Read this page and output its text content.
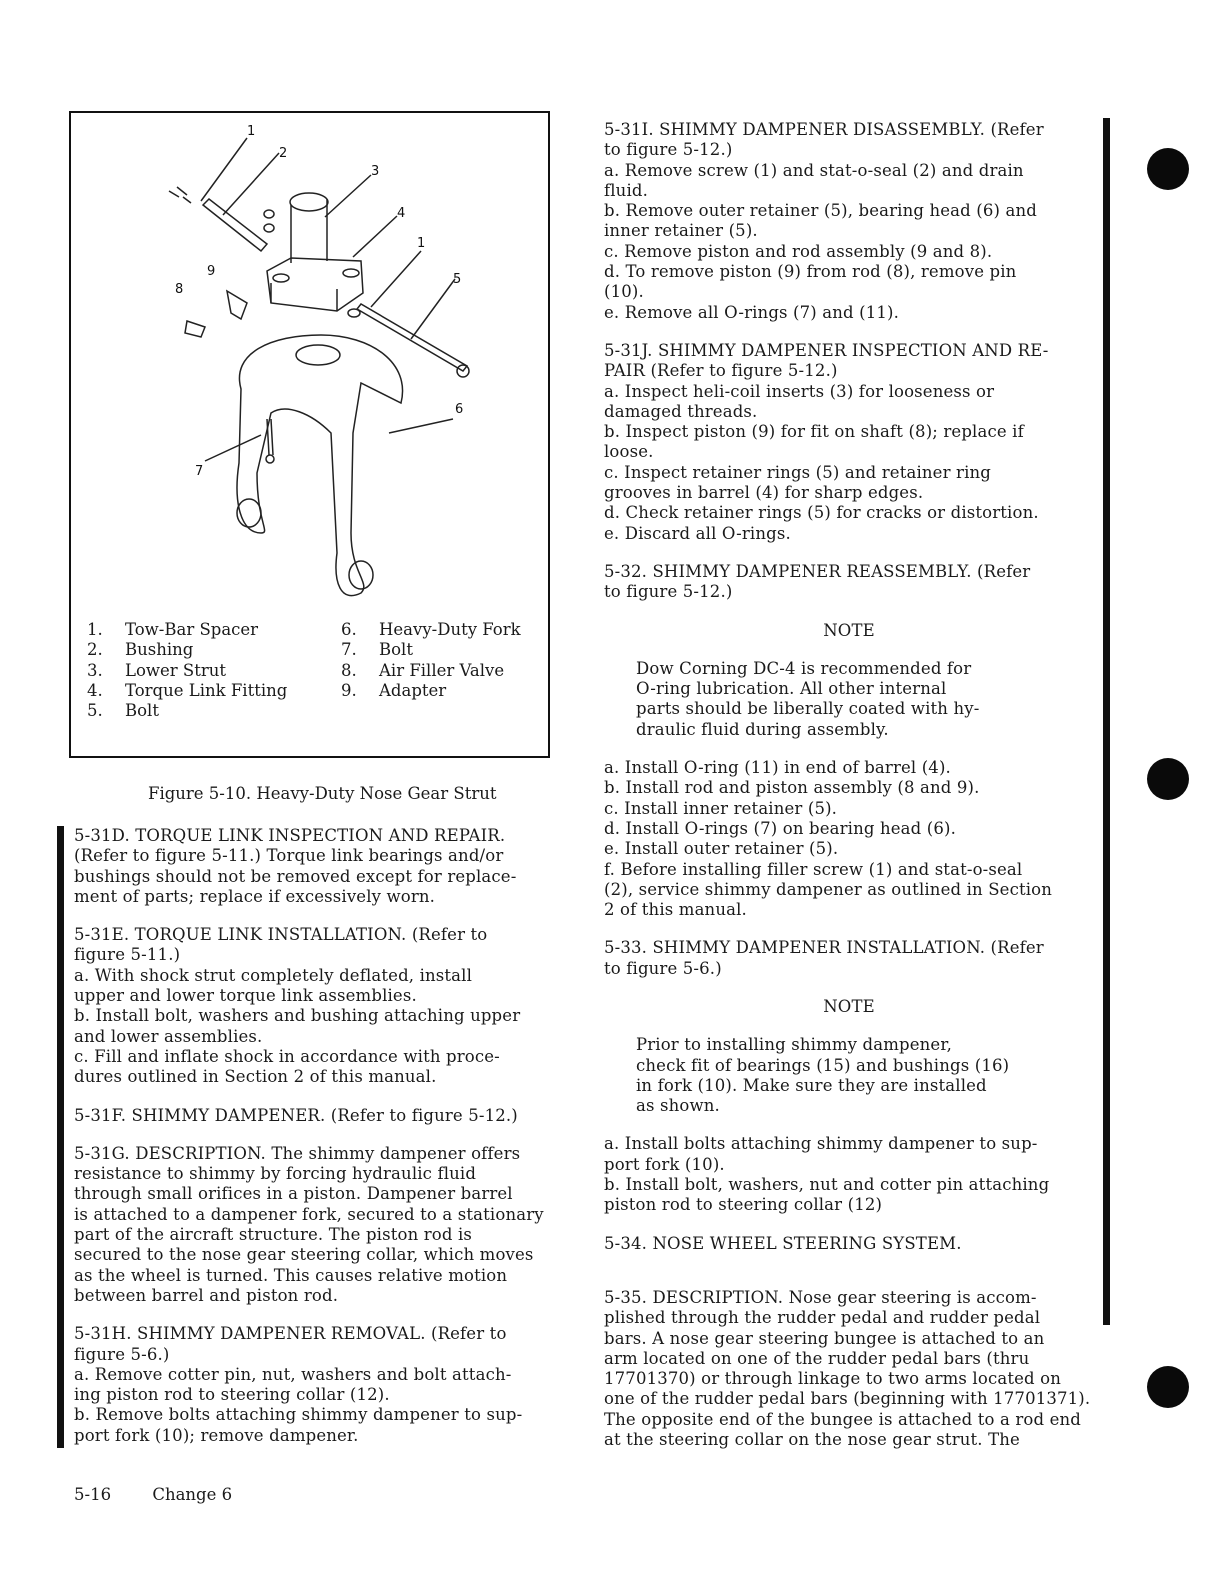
1
2
3
4
1
5
6
7
8
9
1.	Tow-Bar Spacer
2.	Bushing
3.	Lower Strut
4.	Torque Link Fitting
5.	Bolt
6.	Heavy-Duty Fork
7.	Bolt
8.	Air Filler Valve
9.	Adapter
Figure 5-10. Heavy-Duty Nose Gear Strut

5-31D. TORQUE LINK INSPECTION AND REPAIR.

(Refer to figure 5-11.) Torque link bearings and/or

bushings should not be removed except for replace-

ment of parts; replace if excessively worn.

5-31E. TORQUE LINK INSTALLATION. (Refer to

figure 5-11.)

a. With shock strut completely deflated, install

upper and lower torque link assemblies.

b. Install bolt, washers and bushing attaching upper

and lower assemblies.

c. Fill and inflate shock in accordance with proce-

dures outlined in Section 2 of this manual.

5-31F. SHIMMY DAMPENER. (Refer to figure 5-12.)

5-31G. DESCRIPTION. The shimmy dampener offers

resistance to shimmy by forcing hydraulic fluid

through small orifices in a piston. Dampener barrel

is attached to a dampener fork, secured to a stationary

part of the aircraft structure. The piston rod is

secured to the nose gear steering collar, which moves

as the wheel is turned. This causes relative motion

between barrel and piston rod.

5-31H. SHIMMY DAMPENER REMOVAL. (Refer to

figure 5-6.)

a. Remove cotter pin, nut, washers and bolt attach-

ing piston rod to steering collar (12).

b. Remove bolts attaching shimmy dampener to sup-

port fork (10); remove dampener.

5-31I. SHIMMY DAMPENER DISASSEMBLY. (Refer

to figure 5-12.)

a. Remove screw (1) and stat-o-seal (2) and drain

fluid.

b. Remove outer retainer (5), bearing head (6) and

inner retainer (5).

c. Remove piston and rod assembly (9 and 8).

d. To remove piston (9) from rod (8), remove pin

(10).

e. Remove all O-rings (7) and (11).

5-31J. SHIMMY DAMPENER INSPECTION AND RE-

PAIR (Refer to figure 5-12.)

a. Inspect heli-coil inserts (3) for looseness or

damaged threads.

b. Inspect piston (9) for fit on shaft (8); replace if

loose.

c. Inspect retainer rings (5) and retainer ring

grooves in barrel (4) for sharp edges.

d. Check retainer rings (5) for cracks or distortion.

e. Discard all O-rings.

5-32. SHIMMY DAMPENER REASSEMBLY. (Refer

to figure 5-12.)

NOTE

Dow Corning DC-4 is recommended for

O-ring lubrication. All other internal

parts should be liberally coated with hy-

draulic fluid during assembly.

a. Install O-ring (11) in end of barrel (4).

b. Install rod and piston assembly (8 and 9).

c. Install inner retainer (5).

d. Install O-rings (7) on bearing head (6).

e. Install outer retainer (5).

f. Before installing filler screw (1) and stat-o-seal

(2), service shimmy dampener as outlined in Section

2 of this manual.

5-33. SHIMMY DAMPENER INSTALLATION. (Refer

to figure 5-6.)

NOTE

Prior to installing shimmy dampener,

check fit of bearings (15) and bushings (16)

in fork (10). Make sure they are installed

as shown.

a. Install bolts attaching shimmy dampener to sup-

port fork (10).

b. Install bolt, washers, nut and cotter pin attaching

piston rod to steering collar (12)

5-34. NOSE WHEEL STEERING SYSTEM.

5-35. DESCRIPTION. Nose gear steering is accom-

plished through the rudder pedal and rudder pedal

bars. A nose gear steering bungee is attached to an

arm located on one of the rudder pedal bars (thru

17701370) or through linkage to two arms located on

one of the rudder pedal bars (beginning with 17701371).

The opposite end of the bungee is attached to a rod end

at the steering collar on the nose gear strut. The

5-16	Change 6
